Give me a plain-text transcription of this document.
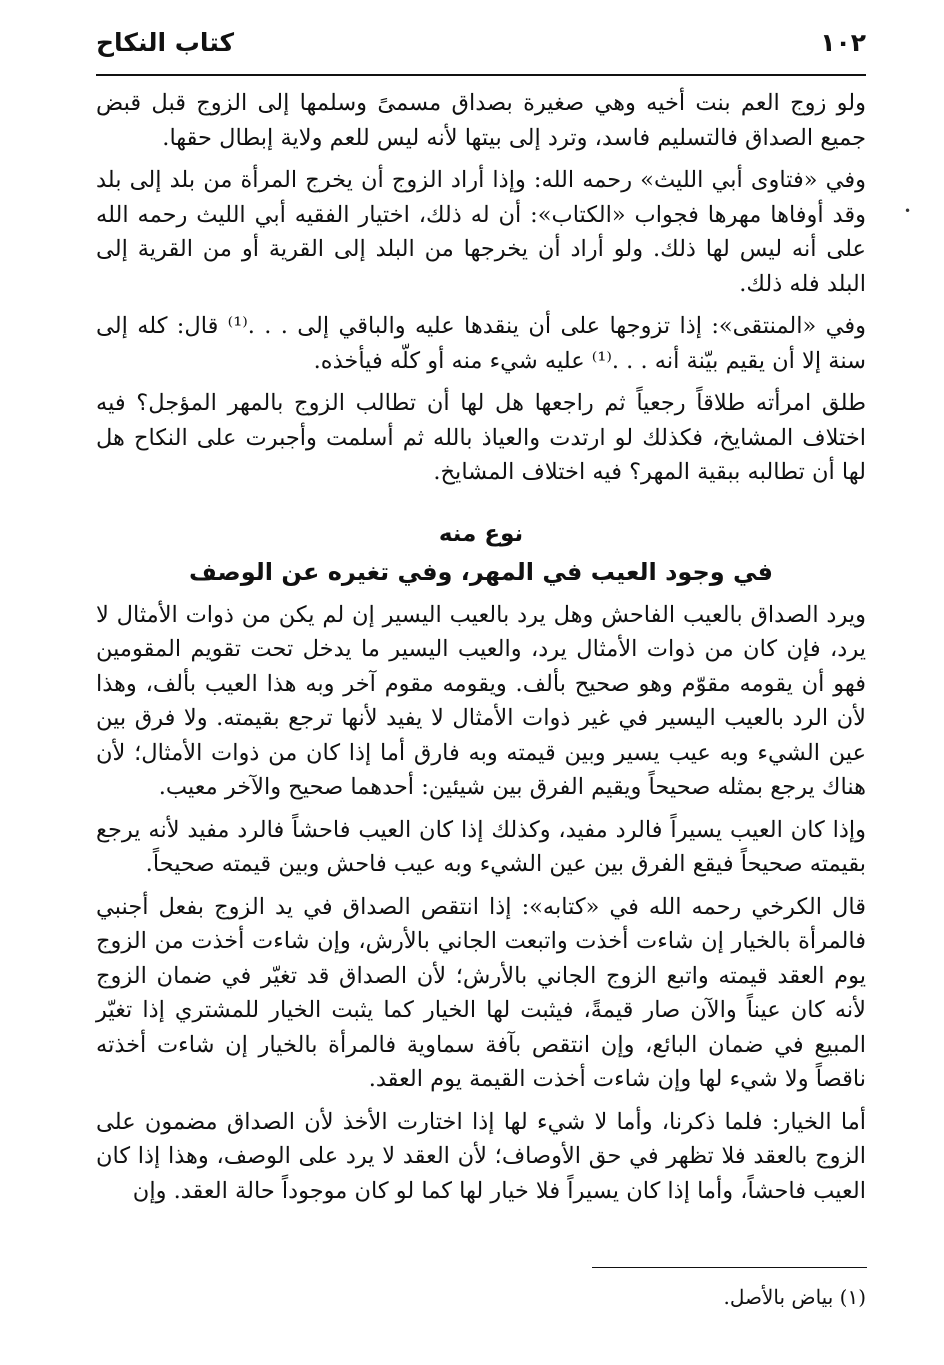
•
١٠٢
كتاب النكاح

ولو زوج العم بنت أخيه وهي صغيرة بصداق مسمىً وسلمها إلى الزوج قبل قبض جميع الصداق فالتسليم فاسد، وترد إلى بيتها لأنه ليس للعم ولاية إبطال حقها.

وفي «فتاوى أبي الليث» رحمه الله: وإذا أراد الزوج أن يخرج المرأة من بلد إلى بلد وقد أوفاها مهرها فجواب «الكتاب»: أن له ذلك، اختيار الفقيه أبي الليث رحمه الله على أنه ليس لها ذلك. ولو أراد أن يخرجها من البلد إلى القرية أو من القرية إلى البلد فله ذلك.

وفي «المنتقى»: إذا تزوجها على أن ينقدها عليه والباقي إلى . . .⁽¹⁾ قال: كله إلى سنة إلا أن يقيم بيّنة أنه . . .⁽¹⁾ عليه شيء منه أو كلّه فيأخذه.

طلق امرأته طلاقاً رجعياً ثم راجعها هل لها أن تطالب الزوج بالمهر المؤجل؟ فيه اختلاف المشايخ، فكذلك لو ارتدت والعياذ بالله ثم أسلمت وأجبرت على النكاح هل لها أن تطالبه ببقية المهر؟ فيه اختلاف المشايخ.

نوع منه
في وجود العيب في المهر، وفي تغيره عن الوصف

ويرد الصداق بالعيب الفاحش وهل يرد بالعيب اليسير إن لم يكن من ذوات الأمثال لا يرد، فإن كان من ذوات الأمثال يرد، والعيب اليسير ما يدخل تحت تقويم المقومين فهو أن يقومه مقوّم وهو صحيح بألف. ويقومه مقوم آخر وبه هذا العيب بألف، وهذا لأن الرد بالعيب اليسير في غير ذوات الأمثال لا يفيد لأنها ترجع بقيمته. ولا فرق بين عين الشيء وبه عيب يسير وبين قيمته وبه فارق أما إذا كان من ذوات الأمثال؛ لأن هناك يرجع بمثله صحيحاً ويقيم الفرق بين شيئين: أحدهما صحيح والآخر معيب.

وإذا كان العيب يسيراً فالرد مفيد، وكذلك إذا كان العيب فاحشاً فالرد مفيد لأنه يرجع بقيمته صحيحاً فيقع الفرق بين عين الشيء وبه عيب فاحش وبين قيمته صحيحاً.

قال الكرخي رحمه الله في «كتابه»: إذا انتقص الصداق في يد الزوج بفعل أجنبي فالمرأة بالخيار إن شاءت أخذت واتبعت الجاني بالأرش، وإن شاءت أخذت من الزوج يوم العقد قيمته واتبع الزوج الجاني بالأرش؛ لأن الصداق قد تغيّر في ضمان الزوج لأنه كان عيناً والآن صار قيمةً، فيثبت لها الخيار كما يثبت الخيار للمشتري إذا تغيّر المبيع في ضمان البائع، وإن انتقص بآفة سماوية فالمرأة بالخيار إن شاءت أخذته ناقصاً ولا شيء لها وإن شاءت أخذت القيمة يوم العقد.

أما الخيار: فلما ذكرنا، وأما لا شيء لها إذا اختارت الأخذ لأن الصداق مضمون على الزوج بالعقد فلا تظهر في حق الأوصاف؛ لأن العقد لا يرد على الوصف، وهذا إذا كان العيب فاحشاً، وأما إذا كان يسيراً فلا خيار لها كما لو كان موجوداً حالة العقد. وإن

(١) بياض بالأصل.
